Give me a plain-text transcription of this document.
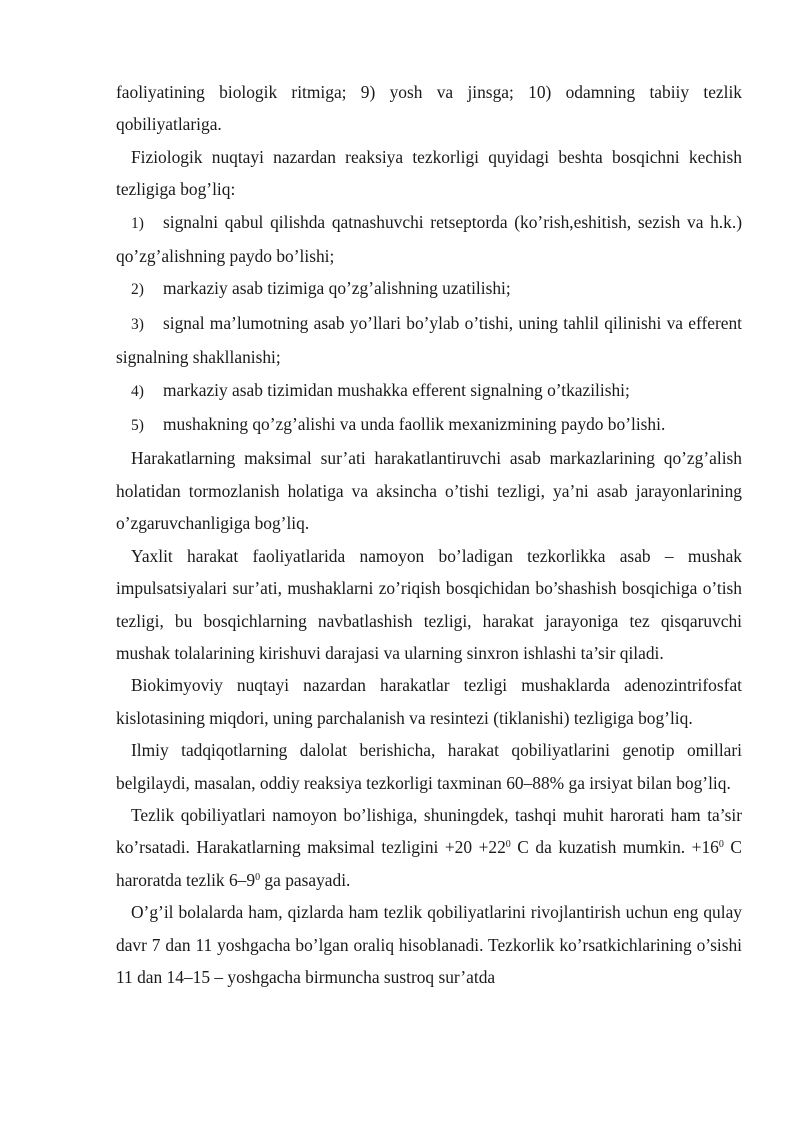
faoliyatining biologik ritmiga; 9) yosh va jinsga; 10) odamning tabiiy tezlik qobiliyatlariga.

Fiziologik nuqtayi nazardan reaksiya tezkorligi quyidagi beshta bosqichni kechish tezligiga bog’liq:

1) signalni qabul qilishda qatnashuvchi retseptorda (ko’rish,eshitish, sezish va h.k.) qo’zg’alishning paydo bo’lishi;

2) markaziy asab tizimiga qo’zg’alishning uzatilishi;

3) signal ma’lumotning asab yo’llari bo’ylab o’tishi, uning tahlil qilinishi va efferent signalning shakllanishi;

4) markaziy asab tizimidan mushakka efferent signalning o’tkazilishi;

5) mushakning qo’zg’alishi va unda faollik mexanizmining paydo bo’lishi.

Harakatlarning maksimal sur’ati harakatlantiruvchi asab markazlarining qo’zg’alish holatidan tormozlanish holatiga va aksincha o’tishi tezligi, ya’ni asab jarayonlarining o’zgaruvchanligiga bog’liq.

Yaxlit harakat faoliyatlarida namoyon bo’ladigan tezkorlikka asab – mushak impulsatsiyalari sur’ati, mushaklarni zo’riqish bosqichidan bo’shashish bosqichiga o’tish tezligi, bu bosqichlarning navbatlashish tezligi, harakat jarayoniga tez qisqaruvchi mushak tolalarining kirishuvi darajasi va ularning sinxron ishlashi ta’sir qiladi.

Biokimyoviy nuqtayi nazardan harakatlar tezligi mushaklarda adenozintrifosfat kislotasining miqdori, uning parchalanish va resintezi (tiklanishi) tezligiga bog’liq.

Ilmiy tadqiqotlarning dalolat berishicha, harakat qobiliyatlarini genotip omillari belgilaydi, masalan, oddiy reaksiya tezkorligi taxminan 60–88% ga irsiyat bilan bog’liq.

Tezlik qobiliyatlari namoyon bo’lishiga, shuningdek, tashqi muhit harorati ham ta’sir ko’rsatadi. Harakatlarning maksimal tezligini $+20 +22^0$ C da kuzatish mumkin. $+16^0$ C haroratda tezlik $6-9^0$ ga pasayadi.

O’g’il bolalarda ham, qizlarda ham tezlik qobiliyatlarini rivojlantirish uchun eng qulay davr 7 dan 11 yoshgacha bo’lgan oraliq hisoblanadi. Tezkorlik ko’rsatkichlarining o’sishi 11 dan 14–15 – yoshgacha birmuncha sustroq sur’atda
